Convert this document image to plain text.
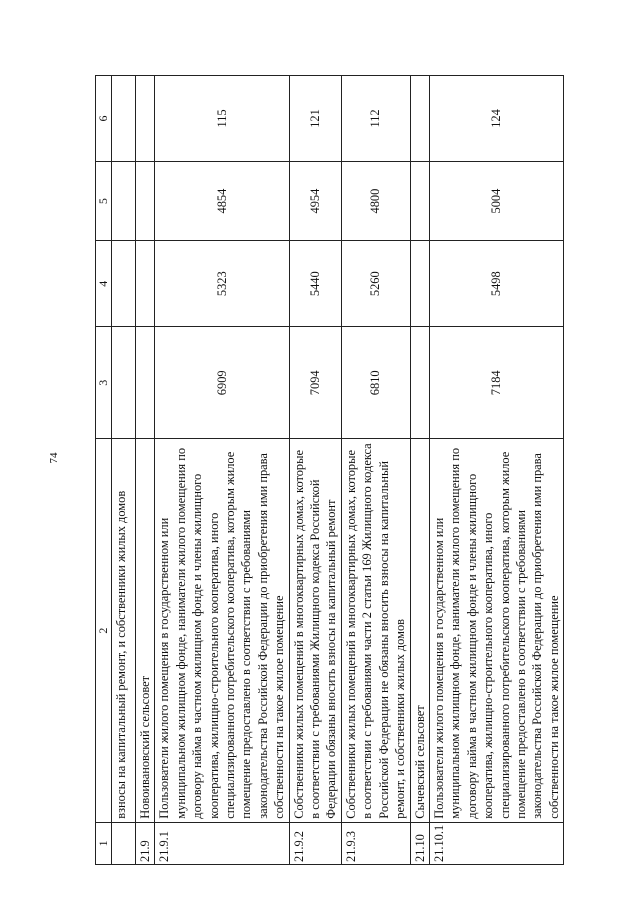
74
1	2	3	4	5	6
	взносы на капитальный ремонт, и собственники жилых домов				
21.9	Новоивановский сельсовет				
21.9.1	Пользователи жилого помещения в государственном или муниципальном жилищном фонде, наниматели жилого помещения по договору найма в частном жилищном фонде и члены жилищного кооператива, жилищно-строительного кооператива, иного специализированного потребительского кооператива, которым жилое помещение предоставлено в соответствии с требованиями законодательства Российской Федерации до приобретения ими права собственности на такое жилое помещение	6909	5323	4854	115
21.9.2	Собственники жилых помещений в многоквартирных домах, которые в соответствии с требованиями Жилищного кодекса Российской Федерации обязаны вносить взносы на капитальный ремонт	7094	5440	4954	121
21.9.3	Собственники жилых помещений в многоквартирных домах, которые в соответствии с требованиями части 2 статьи 169 Жилищного кодекса Российской Федерации не обязаны вносить взносы на капитальный ремонт, и собственники жилых домов	6810	5260	4800	112
21.10	Сычевский сельсовет				
21.10.1	Пользователи жилого помещения в государственном или муниципальном жилищном фонде, наниматели жилого помещения по договору найма в частном жилищном фонде и члены жилищного кооператива, жилищно-строительного кооператива, иного специализированного потребительского кооператива, которым жилое помещение предоставлено в соответствии с требованиями законодательства Российской Федерации до приобретения ими права собственности на такое жилое помещение	7184	5498	5004	124
